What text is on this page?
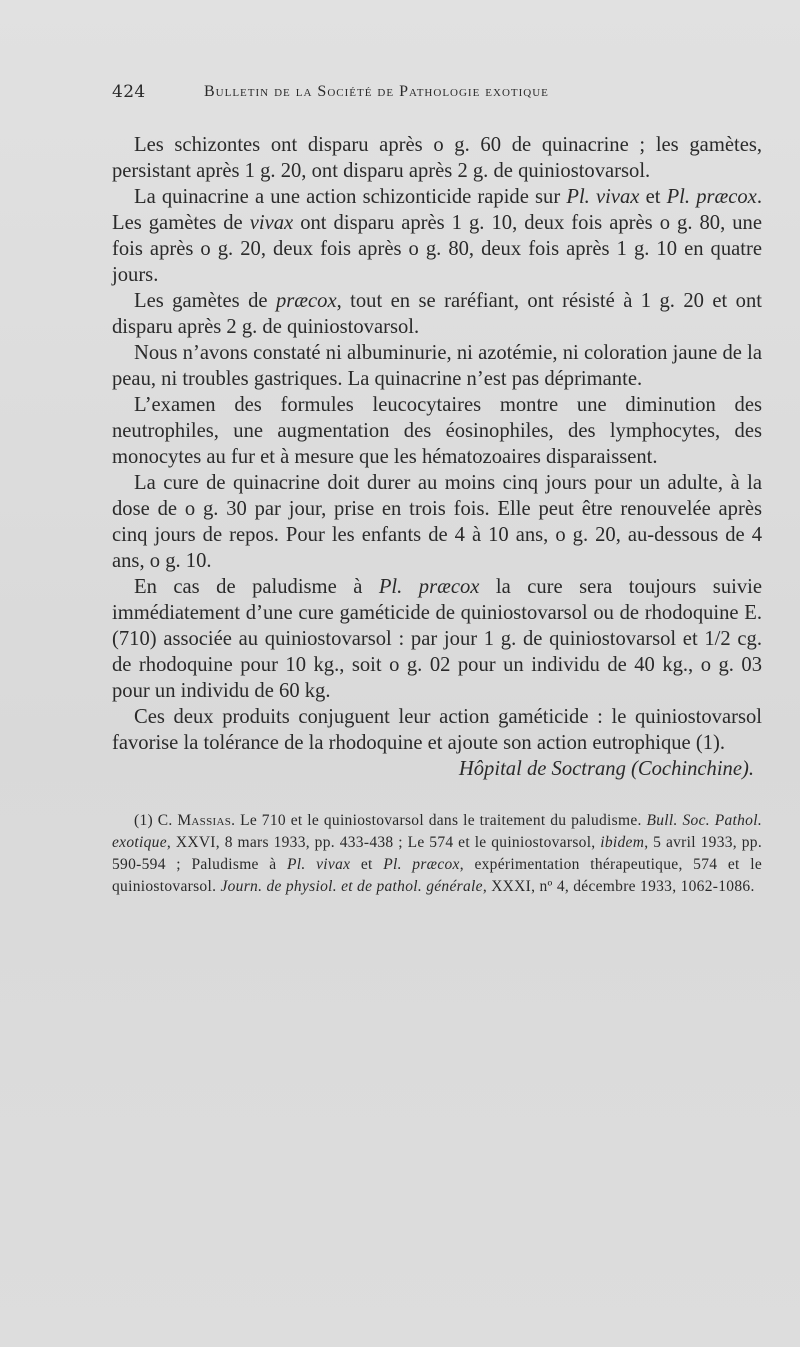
424	Bulletin de la Société de Pathologie exotique

Les schizontes ont disparu après o g. 60 de quinacrine ; les gamètes, persistant après 1 g. 20, ont disparu après 2 g. de quiniostovarsol.

La quinacrine a une action schizonticide rapide sur Pl. vivax et Pl. præcox. Les gamètes de vivax ont disparu après 1 g. 10, deux fois après o g. 80, une fois après o g. 20, deux fois après o g. 80, deux fois après 1 g. 10 en quatre jours.

Les gamètes de præcox, tout en se raréfiant, ont résisté à 1 g. 20 et ont disparu après 2 g. de quiniostovarsol.

Nous n’avons constaté ni albuminurie, ni azotémie, ni coloration jaune de la peau, ni troubles gastriques. La quinacrine n’est pas déprimante.

L’examen des formules leucocytaires montre une diminution des neutrophiles, une augmentation des éosinophiles, des lymphocytes, des monocytes au fur et à mesure que les hématozoaires disparaissent.

La cure de quinacrine doit durer au moins cinq jours pour un adulte, à la dose de o g. 30 par jour, prise en trois fois. Elle peut être renouvelée après cinq jours de repos. Pour les enfants de 4 à 10 ans, o g. 20, au-dessous de 4 ans, o g. 10.

En cas de paludisme à Pl. præcox la cure sera toujours suivie immédiatement d’une cure gaméticide de quiniostovarsol ou de rhodoquine E. (710) associée au quiniostovarsol : par jour 1 g. de quiniostovarsol et 1/2 cg. de rhodoquine pour 10 kg., soit o g. 02 pour un individu de 40 kg., o g. 03 pour un individu de 60 kg.

Ces deux produits conjuguent leur action gaméticide : le quiniostovarsol favorise la tolérance de la rhodoquine et ajoute son action eutrophique (1).

Hôpital de Soctrang (Cochinchine).
(1) C. Massias. Le 710 et le quiniostovarsol dans le traitement du paludisme. Bull. Soc. Pathol. exotique, XXVI, 8 mars 1933, pp. 433-438 ; Le 574 et le quiniostovarsol, ibidem, 5 avril 1933, pp. 590-594 ; Paludisme à Pl. vivax et Pl. præcox, expérimentation thérapeutique, 574 et le quiniostovarsol. Journ. de physiol. et de pathol. générale, XXXI, nº 4, décembre 1933, 1062-1086.
